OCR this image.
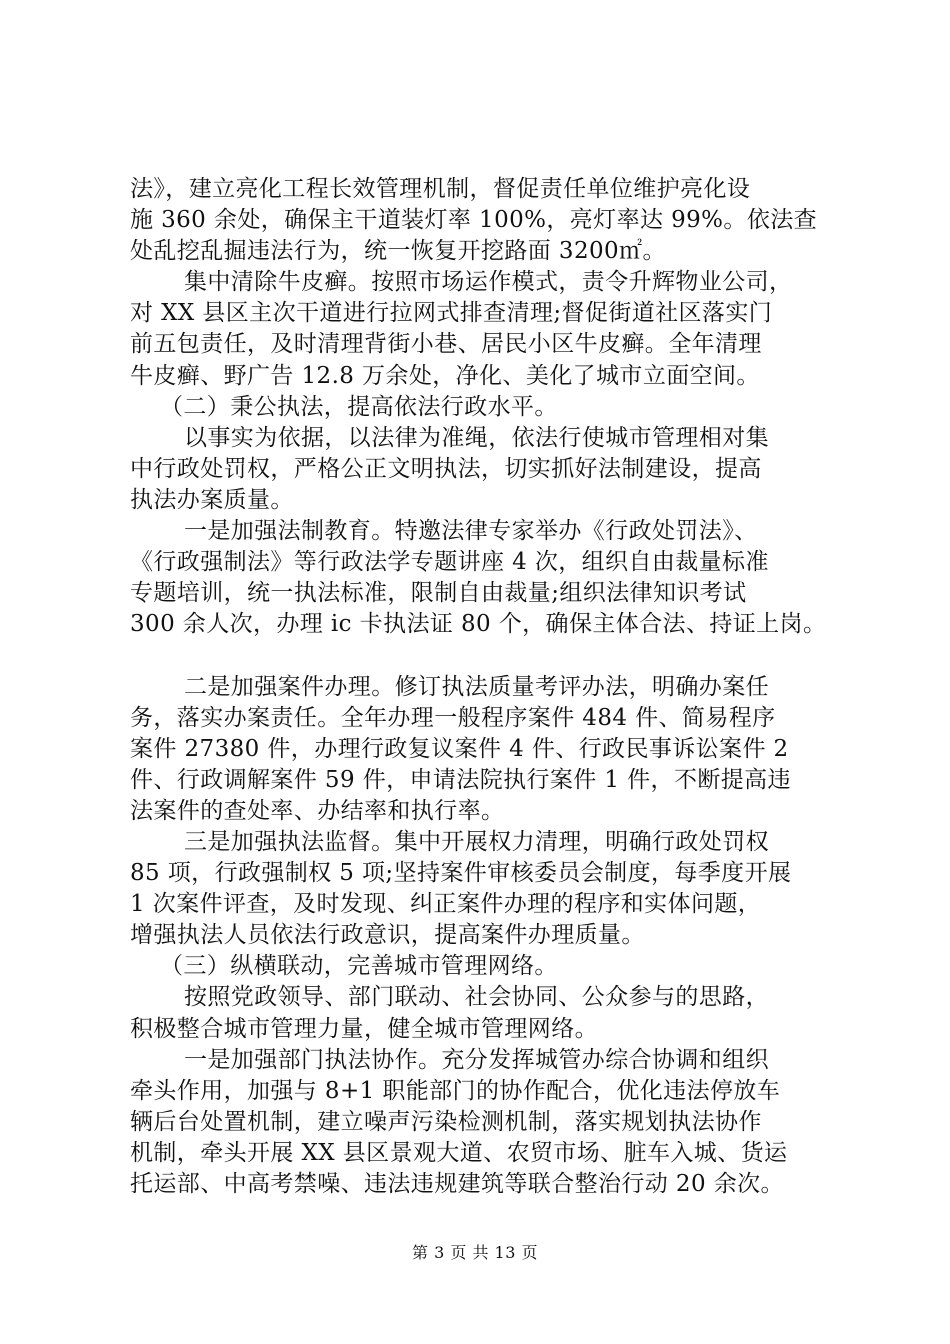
法》，建立亮化工程长效管理机制，督促责任单位维护亮化设
施 360 余处，确保主干道装灯率 100%，亮灯率达 99%。依法查
处乱挖乱掘违法行为，统一恢复开挖路面 3200㎡。
集中清除牛皮癣。按照市场运作模式，责令升辉物业公司，
对 XX 县区主次干道进行拉网式排查清理;督促街道社区落实门
前五包责任，及时清理背街小巷、居民小区牛皮癣。全年清理
牛皮癣、野广告 12.8 万余处，净化、美化了城市立面空间。
（二）秉公执法，提高依法行政水平。
以事实为依据，以法律为准绳，依法行使城市管理相对集
中行政处罚权，严格公正文明执法，切实抓好法制建设，提高
执法办案质量。
一是加强法制教育。特邀法律专家举办《行政处罚法》、
《行政强制法》等行政法学专题讲座 4 次，组织自由裁量标准
专题培训，统一执法标准，限制自由裁量;组织法律知识考试
300 余人次，办理 ic 卡执法证 80 个，确保主体合法、持证上岗。
二是加强案件办理。修订执法质量考评办法，明确办案任
务，落实办案责任。全年办理一般程序案件 484 件、简易程序
案件 27380 件，办理行政复议案件 4 件、行政民事诉讼案件 2
件、行政调解案件 59 件，申请法院执行案件 1 件，不断提高违
法案件的查处率、办结率和执行率。
三是加强执法监督。集中开展权力清理，明确行政处罚权
85 项，行政强制权 5 项;坚持案件审核委员会制度，每季度开展
1 次案件评查，及时发现、纠正案件办理的程序和实体问题，
增强执法人员依法行政意识，提高案件办理质量。
（三）纵横联动，完善城市管理网络。
按照党政领导、部门联动、社会协同、公众参与的思路，
积极整合城市管理力量，健全城市管理网络。
一是加强部门执法协作。充分发挥城管办综合协调和组织
牵头作用，加强与 8+1 职能部门的协作配合，优化违法停放车
辆后台处置机制，建立噪声污染检测机制，落实规划执法协作
机制，牵头开展 XX 县区景观大道、农贸市场、脏车入城、货运
托运部、中高考禁噪、违法违规建筑等联合整治行动 20 余次。
第 3 页 共 13 页
